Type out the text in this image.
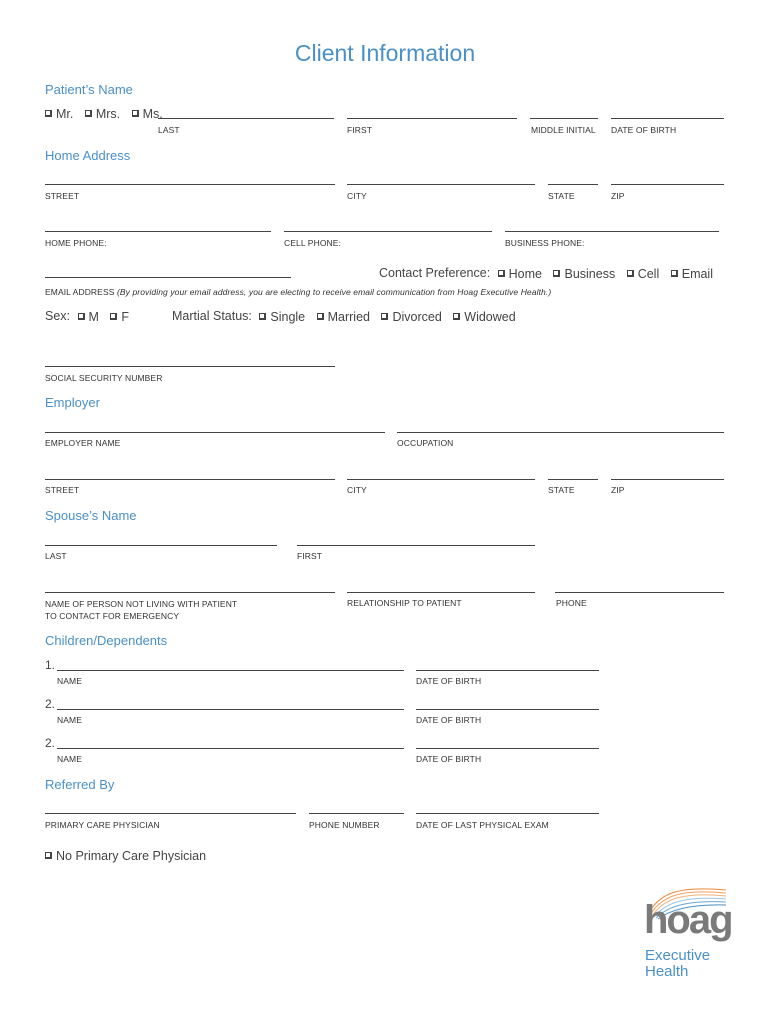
Client Information
Patient’s Name
Mr.
Mrs.
Ms.
LAST	FIRST	MIDDLE INITIAL DATE OF BIRTH
Home Address
STREET	CITY	STATE	ZIP
HOME PHONE:	CELL PHONE:	BUSINESS PHONE:
EMAIL ADDRESS (By providing your email address, you are electing to receive email communication from Hoag Executive Health.)
Contact Preference: Home
Business
Cell
Email
Sex: M
F	Martial Status: Single
Married
Divorced
Widowed
SOCIAL SECURITY NUMBER
Employer
EMPLOYER NAME	OCCUPATION
STREET	CITY	STATE	ZIP
Spouse’s Name
LAST	FIRST
NAME OF PERSON NOT LIVING WITH PATIENT
TO CONTACT FOR EMERGENCY
RELATIONSHIP TO PATIENT	PHONE
Children/Dependents
1.
NAME	DATE OF BIRTH
2.
NAME	DATE OF BIRTH
2.
NAME	DATE OF BIRTH
Referred By
PRIMARY CARE PHYSICIAN	PHONE NUMBER	DATE OF LAST PHYSICAL EXAM
No Primary Care Physician
hoag
Executive
Health
